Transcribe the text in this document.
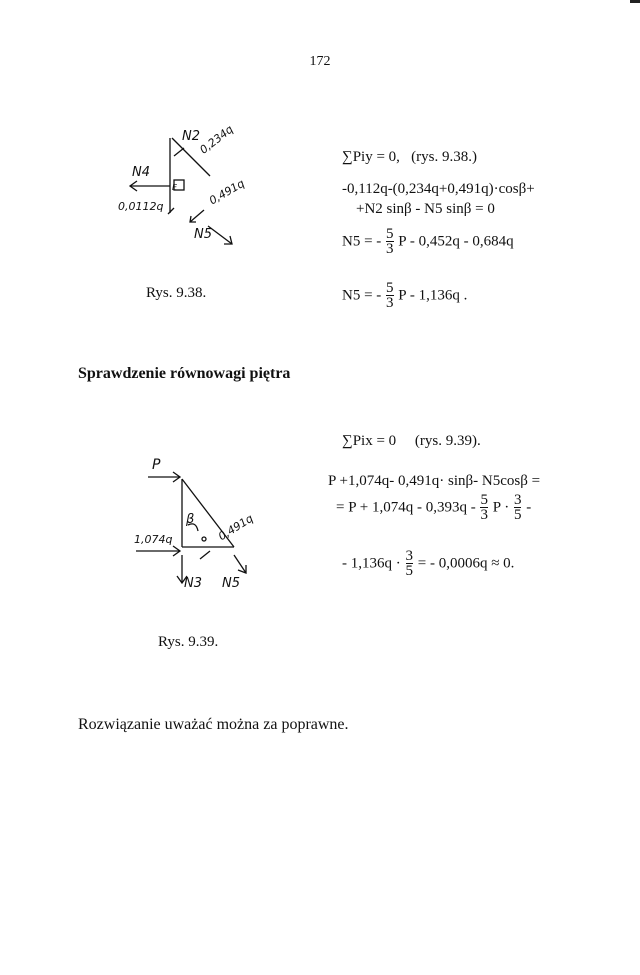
172
N2
0,234q
N4
E	0,491q
0,0112q
N5
Rys. 9.38.
∑Piy = 0, (rys. 9.38.)
-0,112q-(0,234q+0,491q)·cosβ+
+N2 sinβ - N5 sinβ = 0
N5 = - $\frac{5}{3}$ P - 0,452q - 0,684q
N5 = - $\frac{5}{3}$ P - 1,136q .
Sprawdzenie równowagi piętra
P
β
1,074q	0,491q
N3 N5
Rys. 9.39.
∑Pix = 0 (rys. 9.39).
P +1,074q- 0,491q· sinβ- N5cosβ =
= $P + 1,074q - 0,393q - \frac{5}{3}$ $P \cdot \frac{3}{5}$ -
- $1,136q \cdot \frac{3}{5}$ = - 0,0006q ≈ 0.
Rozwiązanie uważać można za poprawne.
